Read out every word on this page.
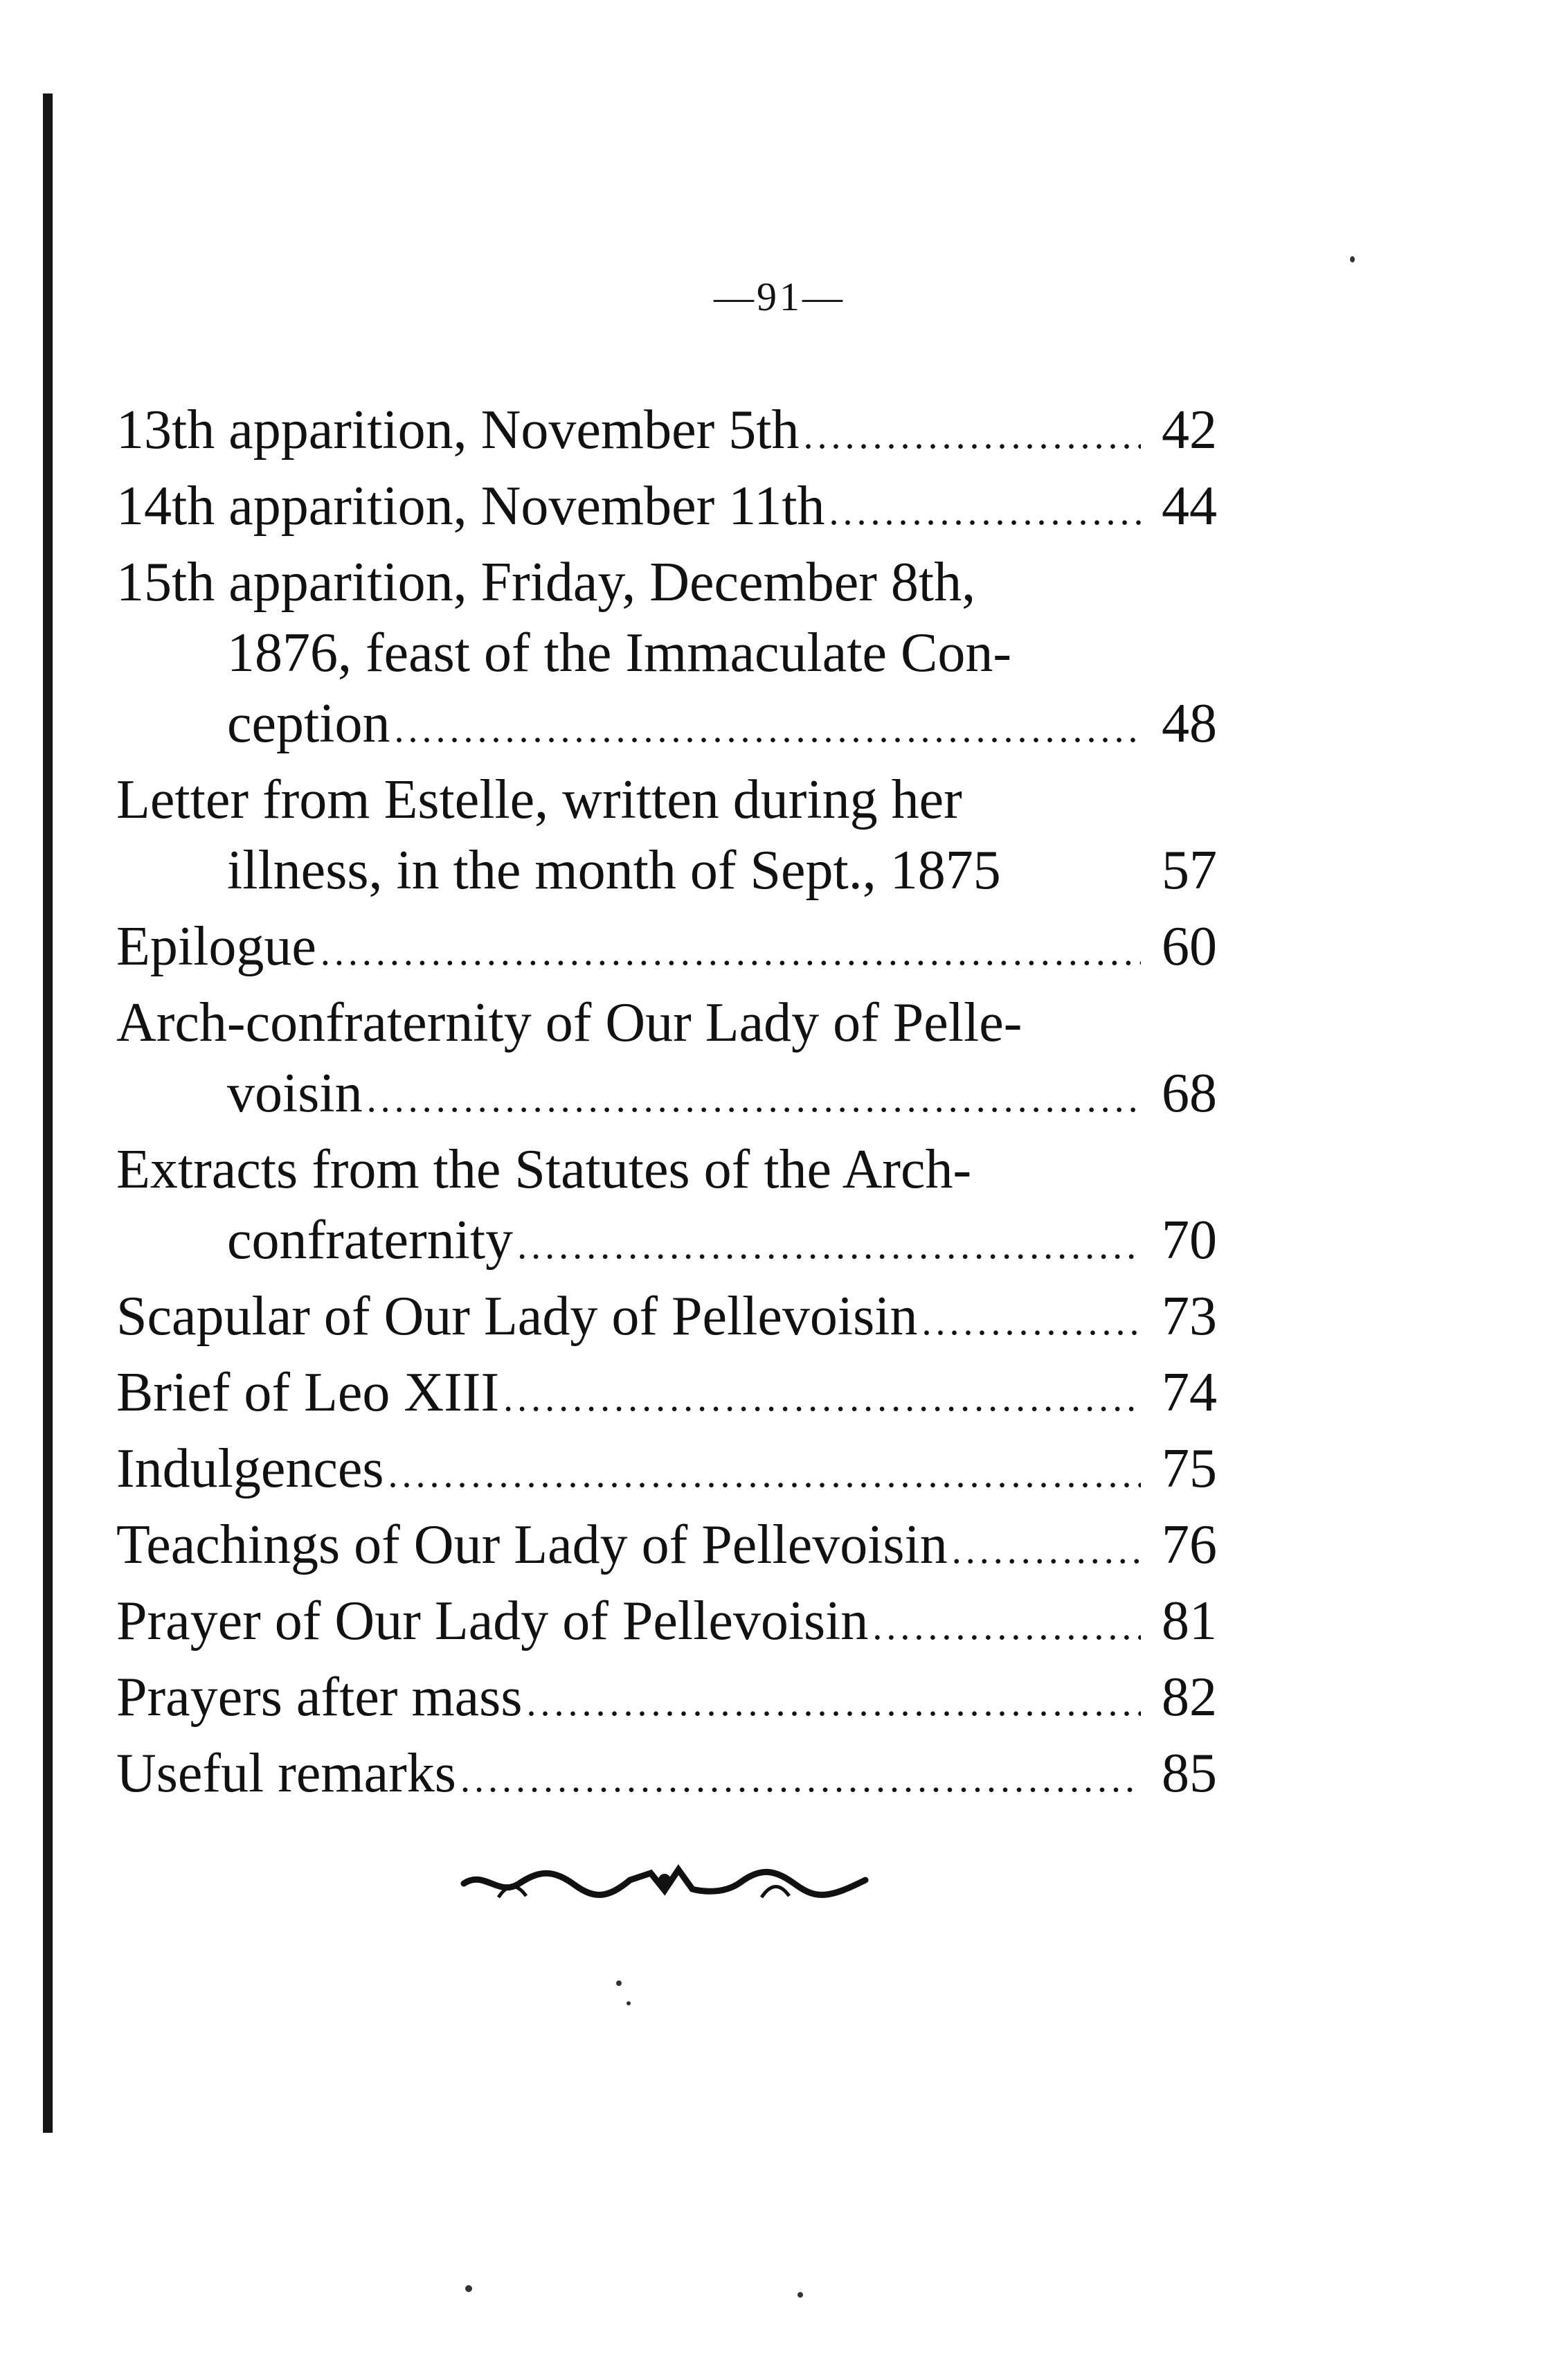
—91—
13th apparition, November 5th .....	42
14th apparition, November 11th .....	44
15th apparition, Friday, December 8th,
1876, feast of the Immaculate Con-
ception .....	48
Letter from Estelle, written during her
illness, in the month of Sept., 1875	57
Epilogue .....	60
Arch-confraternity of Our Lady of Pelle-
voisin .....	68
Extracts from the Statutes of the Arch-
confraternity .....	70
Scapular of Our Lady of Pellevoisin .....	73
Brief of Leo XIII .....	74
Indulgences .....	75
Teachings of Our Lady of Pellevoisin .....	76
Prayer of Our Lady of Pellevoisin .....	81
Prayers after mass .....	82
Useful remarks .....	85
